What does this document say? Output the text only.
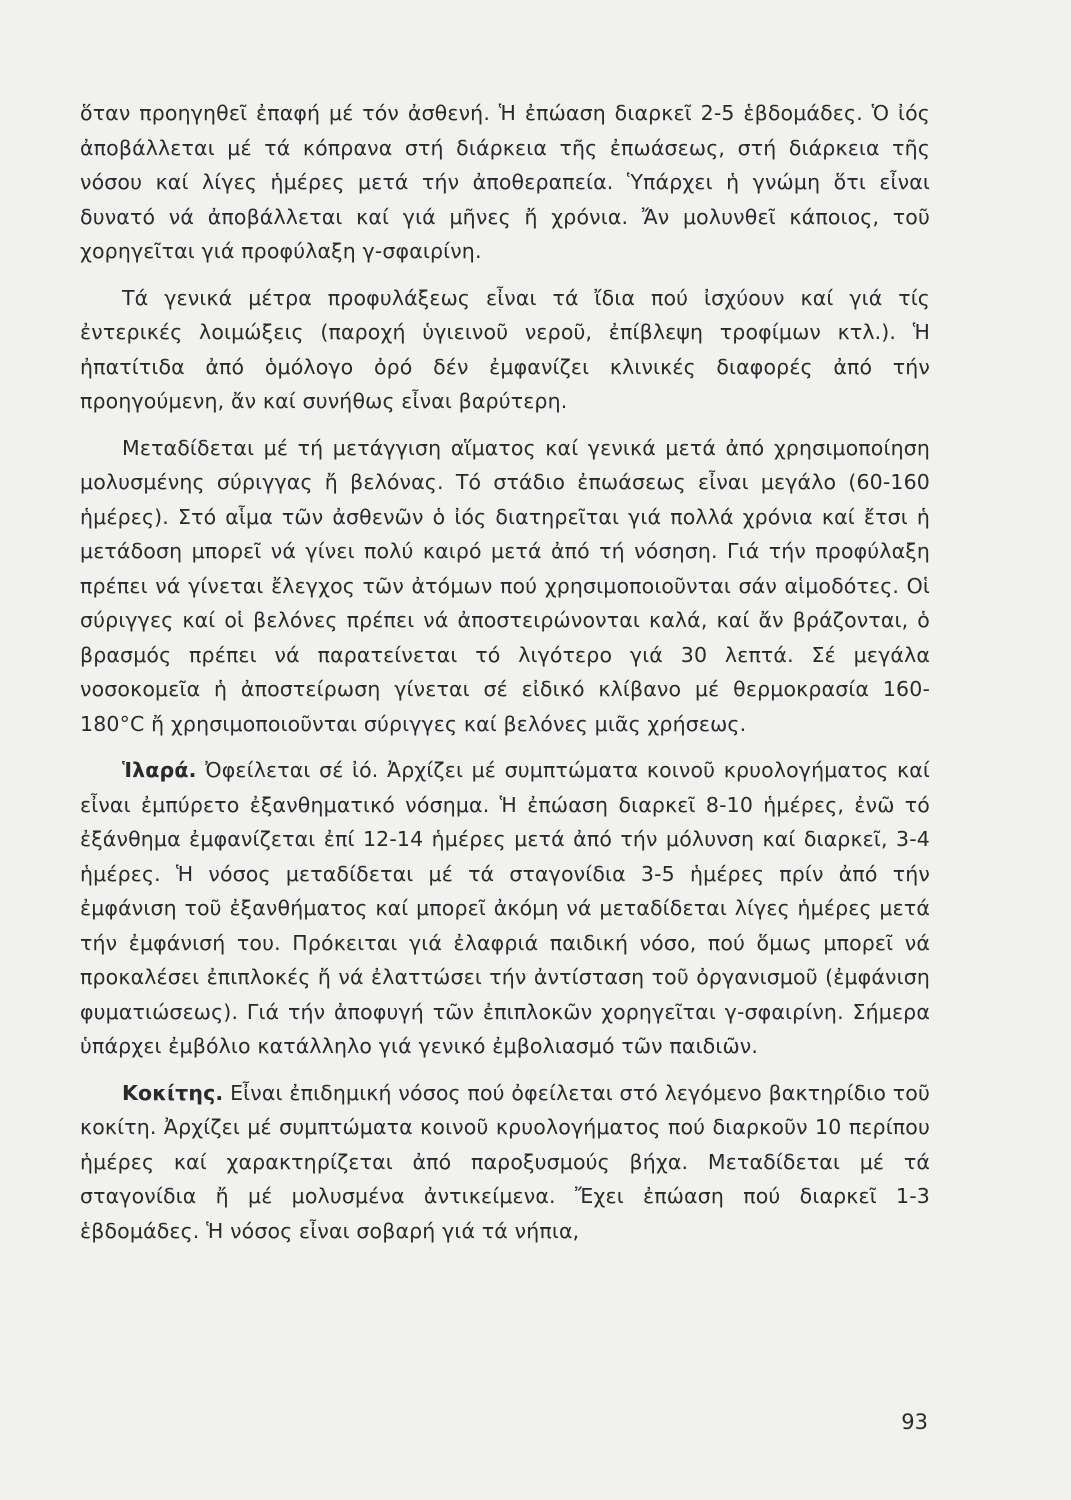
ὅταν προηγηθεῖ ἐπαφή μέ τόν ἀσθενή. Ἡ ἐπώαση διαρκεῖ 2-5 ἑβδομάδες. Ὁ ἰός ἀποβάλλεται μέ τά κόπρανα στή διάρκεια τῆς ἐπωάσεως, στή διάρκεια τῆς νόσου καί λίγες ἡμέρες μετά τήν ἀποθεραπεία. Ὑπάρχει ἡ γνώμη ὅτι εἶναι δυνατό νά ἀποβάλλεται καί γιά μῆνες ἤ χρόνια. Ἄν μολυνθεῖ κάποιος, τοῦ χορηγεῖται γιά προφύλαξη γ-σφαιρίνη.

Τά γενικά μέτρα προφυλάξεως εἶναι τά ἴδια πού ἰσχύουν καί γιά τίς ἐντερικές λοιμώξεις (παροχή ὑγιεινοῦ νεροῦ, ἐπίβλεψη τροφίμων κτλ.). Ἡ ἠπατίτιδα ἀπό ὁμόλογο ὀρό δέν ἐμφανίζει κλινικές διαφορές ἀπό τήν προηγούμενη, ἄν καί συνήθως εἶναι βαρύτερη.

Μεταδίδεται μέ τή μετάγγιση αἵματος καί γενικά μετά ἀπό χρησιμοποίηση μολυσμένης σύριγγας ἤ βελόνας. Τό στάδιο ἐπωάσεως εἶναι μεγάλο (60-160 ἡμέρες). Στό αἷμα τῶν ἀσθενῶν ὁ ἰός διατηρεῖται γιά πολλά χρόνια καί ἔτσι ἡ μετάδοση μπορεῖ νά γίνει πολύ καιρό μετά ἀπό τή νόσηση. Γιά τήν προφύλαξη πρέπει νά γίνεται ἔλεγχος τῶν ἀτόμων πού χρησιμοποιοῦνται σάν αἱμοδότες. Οἱ σύριγγες καί οἱ βελόνες πρέπει νά ἀποστειρώνονται καλά, καί ἄν βράζονται, ὁ βρασμός πρέπει νά παρατείνεται τό λιγότερο γιά 30 λεπτά. Σέ μεγάλα νοσοκομεῖα ἡ ἀποστείρωση γίνεται σέ εἰδικό κλίβανο μέ θερμοκρασία 160-180°C ἤ χρησιμοποιοῦνται σύριγγες καί βελόνες μιᾶς χρήσεως.

Ἱλαρά. Ὀφείλεται σέ ἰό. Ἀρχίζει μέ συμπτώματα κοινοῦ κρυολογήματος καί εἶναι ἐμπύρετο ἐξανθηματικό νόσημα. Ἡ ἐπώαση διαρκεῖ 8-10 ἡμέρες, ἐνῶ τό ἐξάνθημα ἐμφανίζεται ἐπί 12-14 ἡμέρες μετά ἀπό τήν μόλυνση καί διαρκεῖ, 3-4 ἡμέρες. Ἡ νόσος μεταδίδεται μέ τά σταγονίδια 3-5 ἡμέρες πρίν ἀπό τήν ἐμφάνιση τοῦ ἐξανθήματος καί μπορεῖ ἀκόμη νά μεταδίδεται λίγες ἡμέρες μετά τήν ἐμφάνισή του. Πρόκειται γιά ἐλαφριά παιδική νόσο, πού ὅμως μπορεῖ νά προκαλέσει ἐπιπλοκές ἤ νά ἐλαττώσει τήν ἀντίσταση τοῦ ὀργανισμοῦ (ἐμφάνιση φυματιώσεως). Γιά τήν ἀποφυγή τῶν ἐπιπλοκῶν χορηγεῖται γ-σφαιρίνη. Σήμερα ὑπάρχει ἐμβόλιο κατάλληλο γιά γενικό ἐμβολιασμό τῶν παιδιῶν.

Κοκίτης. Εἶναι ἐπιδημική νόσος πού ὀφείλεται στό λεγόμενο βακτηρίδιο τοῦ κοκίτη. Ἀρχίζει μέ συμπτώματα κοινοῦ κρυολογήματος πού διαρκοῦν 10 περίπου ἡμέρες καί χαρακτηρίζεται ἀπό παροξυσμούς βήχα. Μεταδίδεται μέ τά σταγονίδια ἤ μέ μολυσμένα ἀντικείμενα. Ἔχει ἐπώαση πού διαρκεῖ 1-3 ἑβδομάδες. Ἡ νόσος εἶναι σοβαρή γιά τά νήπια,

93
